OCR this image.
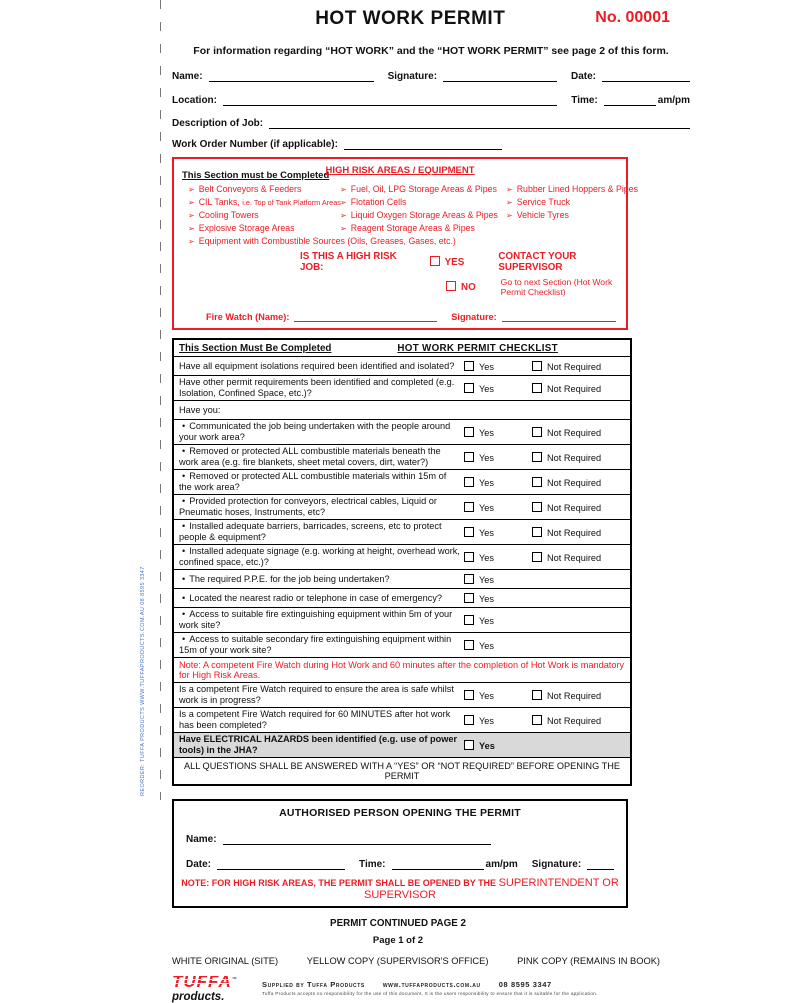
REORDER: TUFFA PRODUCTS WWW.TUFFAPRODUCTS.COM.AU 08 8595 3347
HOT WORK PERMIT	No. 00001
For information regarding “HOT WORK” and the “HOT WORK PERMIT” see page 2 of this form.
Name:	Signature:	Date:
Location:	Time:	am/pm
Description of Job:
Work Order Number (if applicable):
This Section must be Completed
HIGH RISK AREAS / EQUIPMENT
➢ Belt Conveyors & Feeders
➢ CIL Tanks, i.e. Top of Tank Platform Areas
➢ Cooling Towers
➢ Explosive Storage Areas
➢ Equipment with Combustible Sources (Oils, Greases, Gases, etc.)
➢ Fuel, Oil, LPG Storage Areas & Pipes
➢ Flotation Cells
➢ Liquid Oxygen Storage Areas & Pipes
➢ Reagent Storage Areas & Pipes
➢ Rubber Lined Hoppers & Pipes
➢ Service Truck
➢ Vehicle Tyres
IS THIS A HIGH RISK JOB:	YES
CONTACT YOUR SUPERVISOR
NO	Go to next Section (Hot Work Permit Checklist)
Fire Watch (Name):	Signature:
This Section Must Be Completed	HOT WORK PERMIT CHECKLIST
Have all equipment isolations required been identified and isolated?	Yes	Not Required
Have other permit requirements been identified and completed (e.g. Isolation, Confined Space, etc.)?	Yes	Not Required
Have you:
• Communicated the job being undertaken with the people around your work area?	Yes	Not Required
• Removed or protected ALL combustible materials beneath the work area (e.g. fire blankets, sheet metal covers, dirt, water?)	Yes	Not Required
• Removed or protected ALL combustible materials within 15m of the work area?	Yes	Not Required
• Provided protection for conveyors, electrical cables, Liquid or Pneumatic hoses, Instruments, etc?	Yes	Not Required
• Installed adequate barriers, barricades, screens, etc to protect people & equipment?	Yes	Not Required
• Installed adequate signage (e.g. working at height, overhead work, confined space, etc.)?	Yes	Not Required
• The required P.P.E. for the job being undertaken?	Yes
• Located the nearest radio or telephone in case of emergency?	Yes
• Access to suitable fire extinguishing equipment within 5m of your work site?	Yes
• Access to suitable secondary fire extinguishing equipment within 15m of your work site?	Yes
Note: A competent Fire Watch during Hot Work and 60 minutes after the completion of Hot Work is mandatory for High Risk Areas.
Is a competent Fire Watch required to ensure the area is safe whilst work is in progress?	Yes	Not Required
Is a competent Fire Watch required for 60 MINUTES after hot work has been completed?	Yes	Not Required
Have ELECTRICAL HAZARDS been identified (e.g. use of power tools) in the JHA?	Yes
ALL QUESTIONS SHALL BE ANSWERED WITH A “YES” OR “NOT REQUIRED” BEFORE OPENING THE PERMIT
AUTHORISED PERSON OPENING THE PERMIT
Name:
Date:	Time:	am/pm Signature:
NOTE: FOR HIGH RISK AREAS, THE PERMIT SHALL BE OPENED BY THE SUPERINTENDENT OR SUPERVISOR
PERMIT CONTINUED PAGE 2
Page 1 of 2
WHITE ORIGINAL (SITE)	YELLOW COPY (SUPERVISOR'S OFFICE)	PINK COPY (REMAINS IN BOOK)
TUFFA™
products.
Supplied by Tuffa Products www.tuffaproducts.com.au 08 8595 3347
Tuffa Products accepts no responsibility for the use of this document. It is the users responsibility to ensure that it is suitable for the application.
